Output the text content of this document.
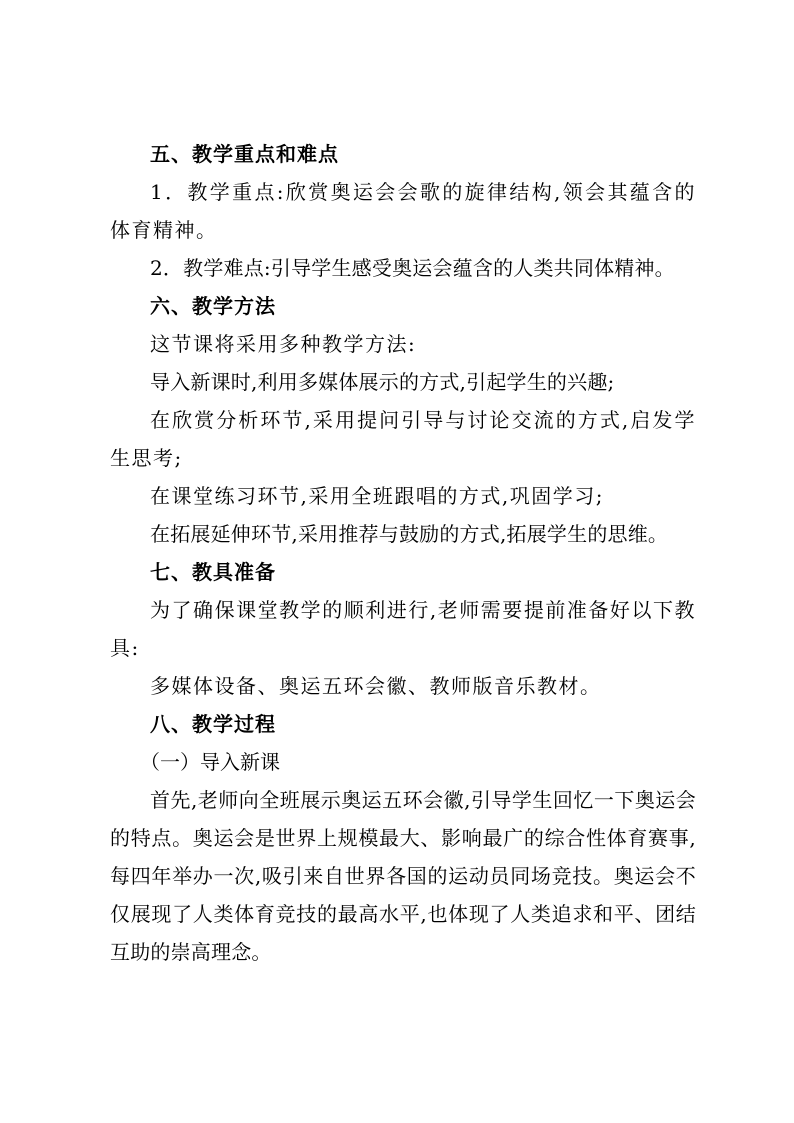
五、教学重点和难点
1．教学重点:欣赏奥运会会歌的旋律结构,领会其蕴含的体育精神。
2．教学难点:引导学生感受奥运会蕴含的人类共同体精神。
六、教学方法
这节课将采用多种教学方法:
导入新课时,利用多媒体展示的方式,引起学生的兴趣;
在欣赏分析环节,采用提问引导与讨论交流的方式,启发学生思考;
在课堂练习环节,采用全班跟唱的方式,巩固学习;
在拓展延伸环节,采用推荐与鼓励的方式,拓展学生的思维。
七、教具准备
为了确保课堂教学的顺利进行,老师需要提前准备好以下教具:
多媒体设备、奥运五环会徽、教师版音乐教材。
八、教学过程
（一）导入新课
首先,老师向全班展示奥运五环会徽,引导学生回忆一下奥运会的特点。奥运会是世界上规模最大、影响最广的综合性体育赛事,每四年举办一次,吸引来自世界各国的运动员同场竞技。奥运会不仅展现了人类体育竞技的最高水平,也体现了人类追求和平、团结互助的崇高理念。
